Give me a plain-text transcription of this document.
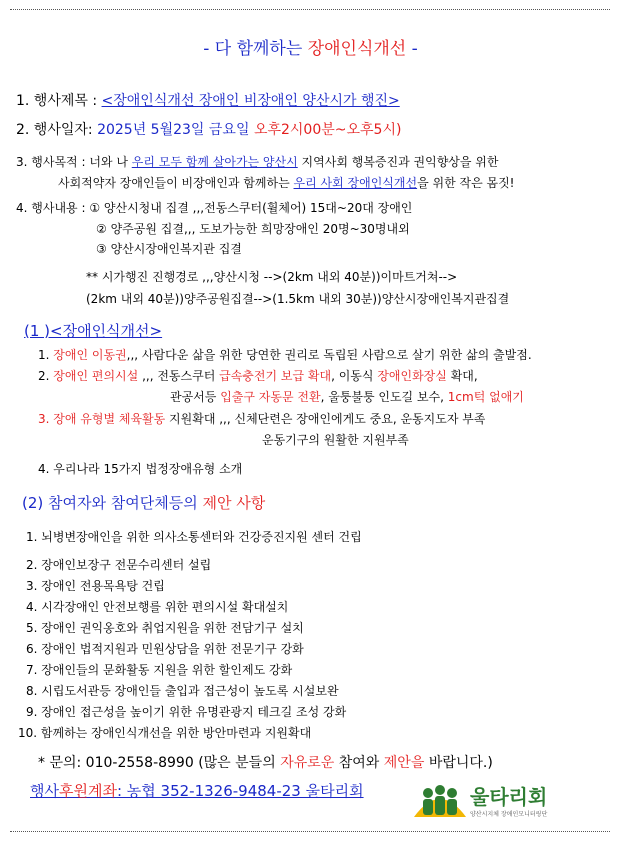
- 다 함께하는 장애인식개선 -
1. 행사제목 : <장애인식개선 장애인 비장애인 양산시가 행진>
2. 행사일자: 2025년 5월23일 금요일 오후2시00분~오후5시)
3. 행사목적 : 너와 나 우리 모두 함께 살아가는 양산시 지역사회 행복증진과 권익향상을 위한
사회적약자 장애인들이 비장애인과 함께하는 우리 사회 장애인식개선을 위한 작은 몸짓!
4. 행사내용 : ① 양산시청내 집결 ,,,전동스쿠터(휠체어) 15대~20대 장애인
② 양주공원 집결,,, 도보가능한 희망장애인 20명~30명내외
③ 양산시장애인복지관 집결
** 시가행진 진행경로 ,,,양산시청 -->(2km 내외 40분))이마트거쳐-->
(2km 내외 40분))양주공원집결-->(1.5km 내외 30분))양산시장애인복지관집결
(1 )<장애인식개선>
1. 장애인 이동권,,, 사람다운 삶을 위한 당연한 권리로 독립된 사람으로 살기 위한 삶의 출발점.
2. 장애인 편의시설 ,,, 전동스쿠터 급속충전기 보급 확대, 이동식 장애인화장실 확대,
관공서등 입출구 자동문 전환, 울퉁불퉁 인도길 보수, 1cm턱 없애기
3. 장애 유형별 체육활동 지원확대 ,,, 신체단련은 장애인에게도 중요, 운동지도자 부족
운동기구의 원활한 지원부족
4. 우리나라 15가지 법정장애유형 소개
(2) 참여자와 참여단체등의 제안 사항
1. 뇌병변장애인을 위한 의사소통센터와 건강증진지원 센터 건립
2. 장애인보장구 전문수리센터 설립
3. 장애인 전용목욕탕 건립
4. 시각장애인 안전보행를 위한 편의시설 확대설치
5. 장애인 권익옹호와 취업지원을 위한 전담기구 설치
6. 장애인 법적지원과 민원상담을 위한 전문기구 강화
7. 장애인들의 문화활동 지원을 위한 할인제도 강화
8. 시립도서관등 장애인들 출입과 접근성이 높도록 시설보완
9. 장애인 접근성을 높이기 위한 유명관광지 테크길 조성 강화
10. 함께하는 장애인식개선을 위한 방안마련과 지원확대
* 문의: 010-2558-8990 (많은 분들의 자유로운 참여와 제안을 바랍니다.)
행사후원계좌: 농협 352-1326-9484-23 울타리회	울타리회
양산시지체 장애인모니터링단
